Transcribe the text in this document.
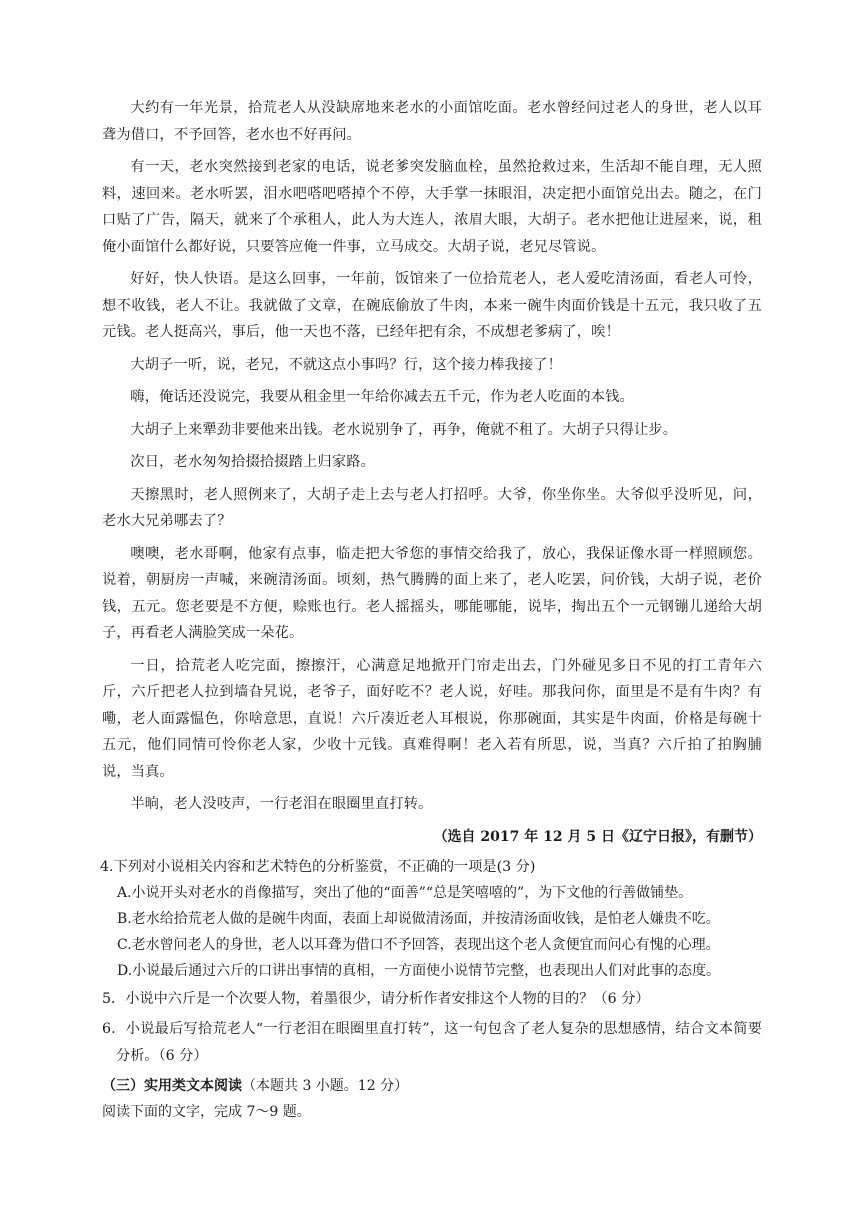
大约有一年光景，拾荒老人从没缺席地来老水的小面馆吃面。老水曾经问过老人的身世，老人以耳聋为借口，不予回答，老水也不好再问。

有一天，老水突然接到老家的电话，说老爹突发脑血栓，虽然抢救过来，生活却不能自理，无人照料，速回来。老水听罢，泪水吧嗒吧嗒掉个不停，大手掌一抹眼泪，决定把小面馆兑出去。随之，在门口贴了广告，隔天，就来了个承租人，此人为大连人，浓眉大眼，大胡子。老水把他让进屋来，说，租俺小面馆什么都好说，只要答应俺一件事，立马成交。大胡子说，老兄尽管说。

好好，快人快语。是这么回事，一年前，饭馆来了一位拾荒老人，老人爱吃清汤面，看老人可怜，想不收钱，老人不让。我就做了文章，在碗底偷放了牛肉，本来一碗牛肉面价钱是十五元，我只收了五元钱。老人挺高兴，事后，他一天也不落，已经年把有余，不成想老爹病了，唉！

大胡子一听，说，老兄，不就这点小事吗？行，这个接力棒我接了！

嗨，俺话还没说完，我要从租金里一年给你减去五千元，作为老人吃面的本钱。

大胡子上来犟劲非要他来出钱。老水说别争了，再争，俺就不租了。大胡子只得让步。

次日，老水匆匆拾掇拾掇踏上归家路。

天擦黑时，老人照例来了，大胡子走上去与老人打招呼。大爷，你坐你坐。大爷似乎没听见，问，老水大兄弟哪去了？

噢噢，老水哥啊，他家有点事，临走把大爷您的事情交给我了，放心，我保证像水哥一样照顾您。说着，朝厨房一声喊，来碗清汤面。顷刻，热气腾腾的面上来了，老人吃罢，问价钱，大胡子说，老价钱，五元。您老要是不方便，赊账也行。老人摇摇头，哪能哪能，说毕，掏出五个一元钢镚儿递给大胡子，再看老人满脸笑成一朵花。

一日，拾荒老人吃完面，擦擦汗，心满意足地掀开门帘走出去，门外碰见多日不见的打工青年六斤，六斤把老人拉到墙旮旯说，老爷子，面好吃不？老人说，好哇。那我问你，面里是不是有牛肉？有嘞，老人面露愠色，你啥意思，直说！六斤凑近老人耳根说，你那碗面，其实是牛肉面，价格是每碗十五元，他们同情可怜你老人家，少收十元钱。真难得啊！老入若有所思，说，当真？六斤拍了拍胸脯说，当真。

半晌，老人没吱声，一行老泪在眼圈里直打转。

（选自 2017 年 12 月 5 日《辽宁日报》，有删节）

4.下列对小说相关内容和艺术特色的分析鉴赏，不正确的一项是(3 分)

A.小说开头对老水的肖像描写，突出了他的“面善”“总是笑嘻嘻的”，为下文他的行善做铺垫。
B.老水给拾荒老人做的是碗牛肉面，表面上却说做清汤面，并按清汤面收钱，是怕老人嫌贵不吃。
C.老水曾问老人的身世，老人以耳聋为借口不予回答，表现出这个老人贪便宜而问心有愧的心理。
D.小说最后通过六斤的口讲出事情的真相，一方面使小说情节完整，也表现出人们对此事的态度。

5．小说中六斤是一个次要人物，着墨很少，请分析作者安排这个人物的目的？（6 分）

6．小说最后写拾荒老人“一行老泪在眼圈里直打转”，这一句包含了老人复杂的思想感情，结合文本简要分析。（6 分）

（三）实用类文本阅读（本题共 3 小题。12 分）

阅读下面的文字，完成 7～9 题。
